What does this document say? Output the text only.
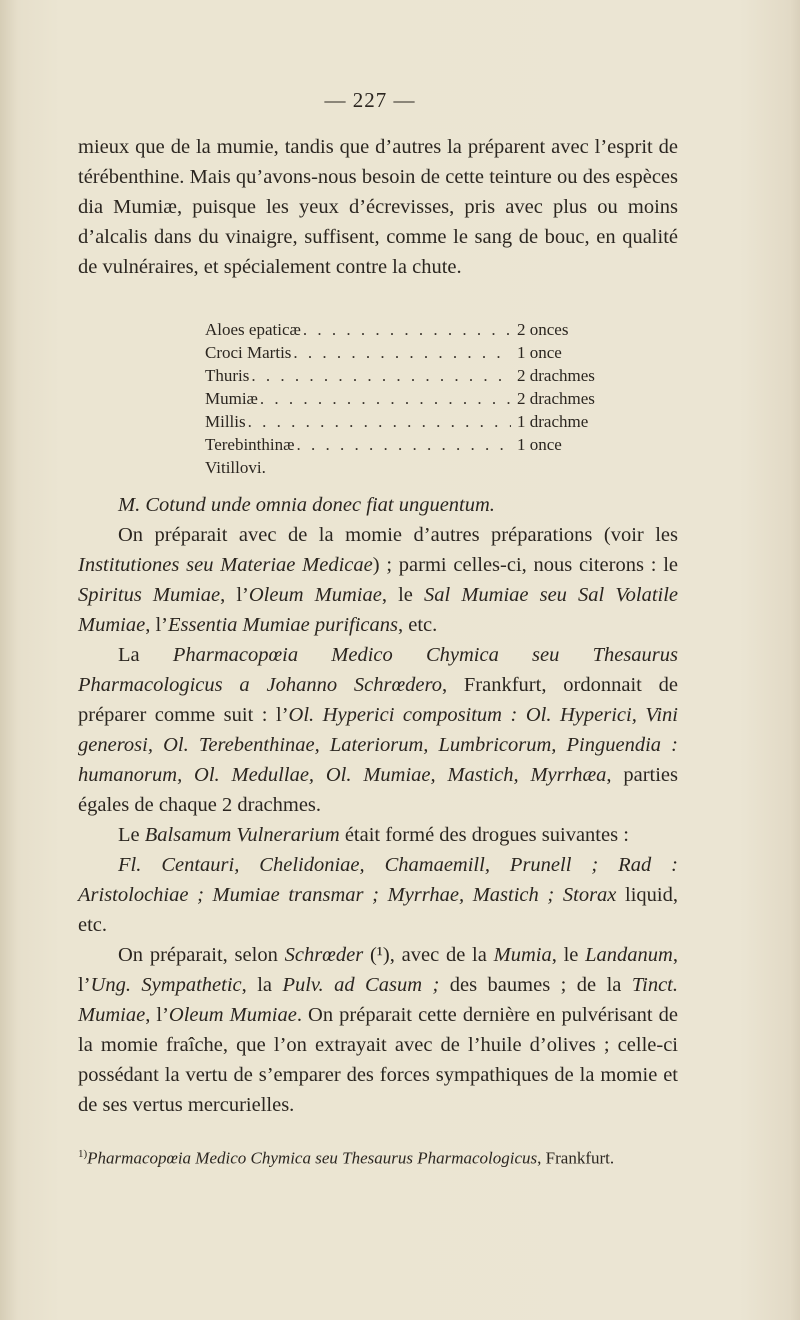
— 227 —

mieux que de la mumie, tandis que d’autres la préparent avec l’esprit de térébenthine. Mais qu’avons-nous besoin de cette teinture ou des espèces dia Mumiæ, puisque les yeux d’écrevisses, pris avec plus ou moins d’alcalis dans du vinaigre, suffisent, comme le sang de bouc, en qualité de vulnéraires, et spécialement contre la chute.

Aloes epaticæ . . .	2 onces
Croci Martis . . .	1 once
Thuris . . .	2 drachmes
Mumiæ . . .	2 drachmes
Millis . . .	1 drachme
Terebinthinæ . . .	1 once
Vitillovi.

M. Cotund unde omnia donec fiat unguentum.

On préparait avec de la momie d’autres préparations (voir les Institutiones seu Materiae Medicae) ; parmi celles-ci, nous citerons : le Spiritus Mumiae, l’Oleum Mumiae, le Sal Mumiae seu Sal Volatile Mumiae, l’Essentia Mumiae purificans, etc.

La Pharmacopœia Medico Chymica seu Thesaurus Pharmacologicus a Johanno Schrœdero, Frankfurt, ordonnait de préparer comme suit : l’Ol. Hyperici compositum : Ol. Hyperici, Vini generosi, Ol. Terebenthinae, Lateriorum, Lumbricorum, Pinguendia : humanorum, Ol. Medullae, Ol. Mumiae, Mastich, Myrrhæa, parties égales de chaque 2 drachmes.

Le Balsamum Vulnerarium était formé des drogues suivantes :

Fl. Centauri, Chelidoniae, Chamaemill, Prunell ; Rad : Aristolochiae ; Mumiae transmar ; Myrrhae, Mastich ; Storax liquid, etc.

On préparait, selon Schrœder (¹), avec de la Mumia, le Landanum, l’Ung. Sympathetic, la Pulv. ad Casum ; des baumes ; de la Tinct. Mumiae, l’Oleum Mumiae. On préparait cette dernière en pulvérisant de la momie fraîche, que l’on extrayait avec de l’huile d’olives ; celle-ci possédant la vertu de s’emparer des forces sympathiques de la momie et de ses vertus mercurielles.

$^{1)}$Pharmacopœia Medico Chymica seu Thesaurus Pharmacologicus, Frankfurt.
